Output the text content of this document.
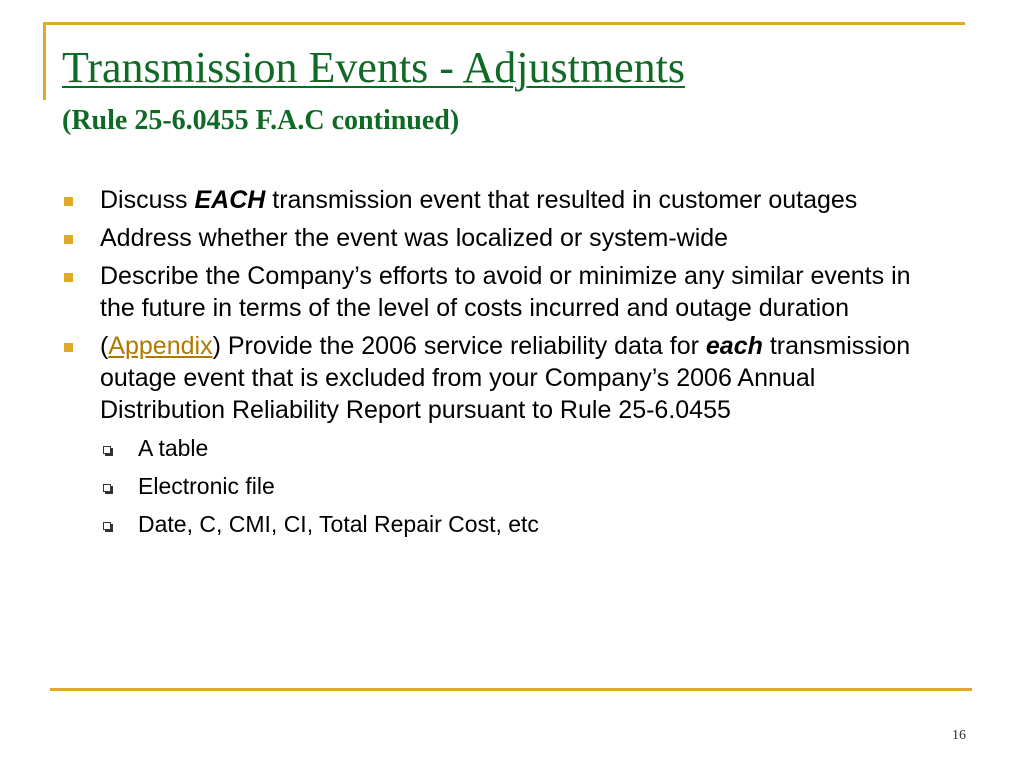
Transmission Events - Adjustments
(Rule 25-6.0455 F.A.C continued)
Discuss EACH transmission event that resulted in customer outages
Address whether the event was localized or system-wide
Describe the Company’s efforts to avoid or minimize any similar events in the future in terms of the level of costs incurred and outage duration
(Appendix) Provide the 2006 service reliability data for each transmission outage event that is excluded from your Company’s 2006 Annual Distribution Reliability Report pursuant to Rule 25-6.0455
A table
Electronic file
Date, C, CMI, CI, Total Repair Cost, etc
16
